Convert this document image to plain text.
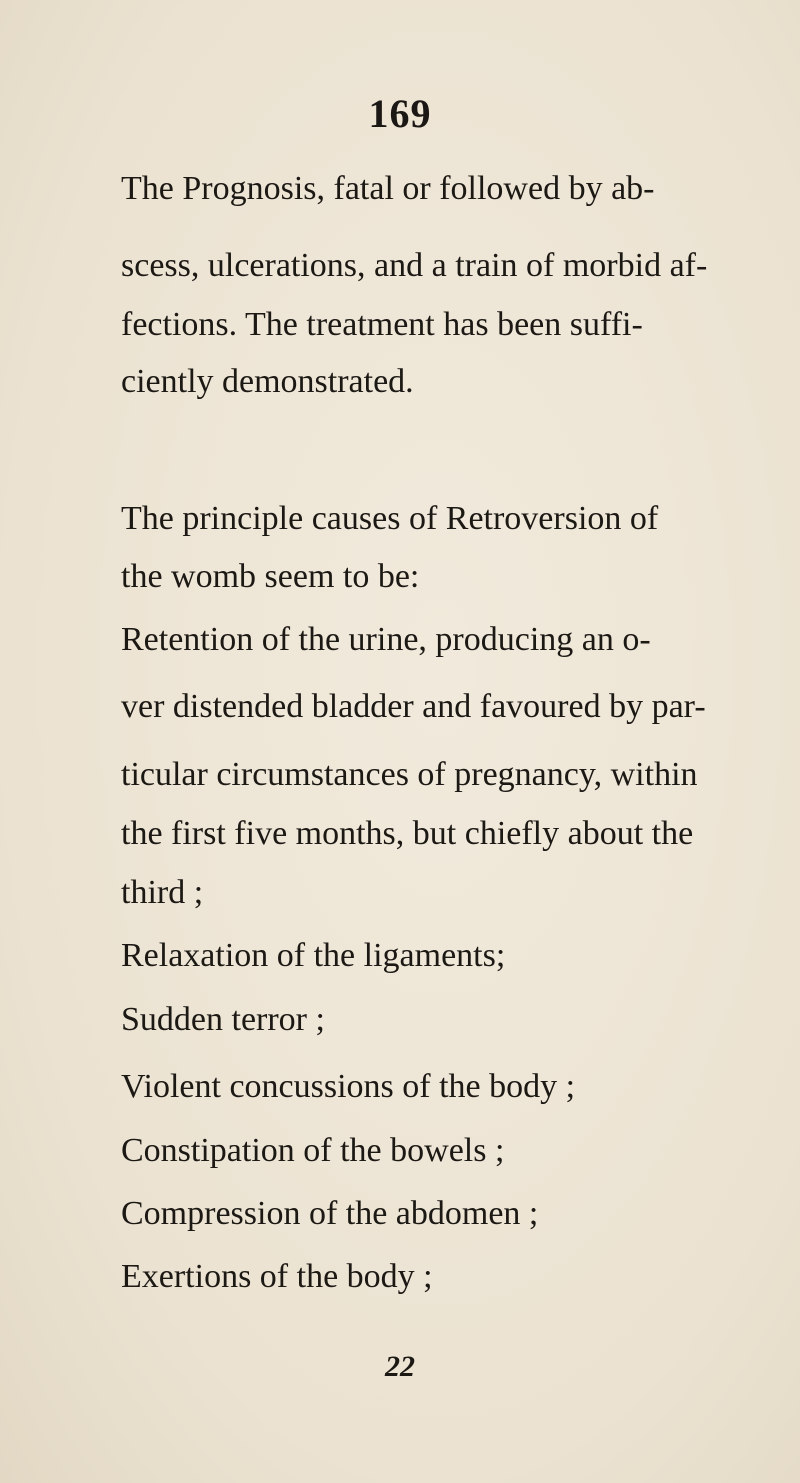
169
The Prognosis, fatal or followed by ab-
scess, ulcerations, and a train of morbid af-
fections. The treatment has been suffi-
ciently demonstrated.
The principle causes of Retroversion of
the womb seem to be:
Retention of the urine, producing an o-
ver distended bladder and favoured by par-
ticular circumstances of pregnancy, within
the first five months, but chiefly about the
third ;
Relaxation of the ligaments;
Sudden terror ;
Violent concussions of the body ;
Constipation of the bowels ;
Compression of the abdomen ;
Exertions of the body ;
22
